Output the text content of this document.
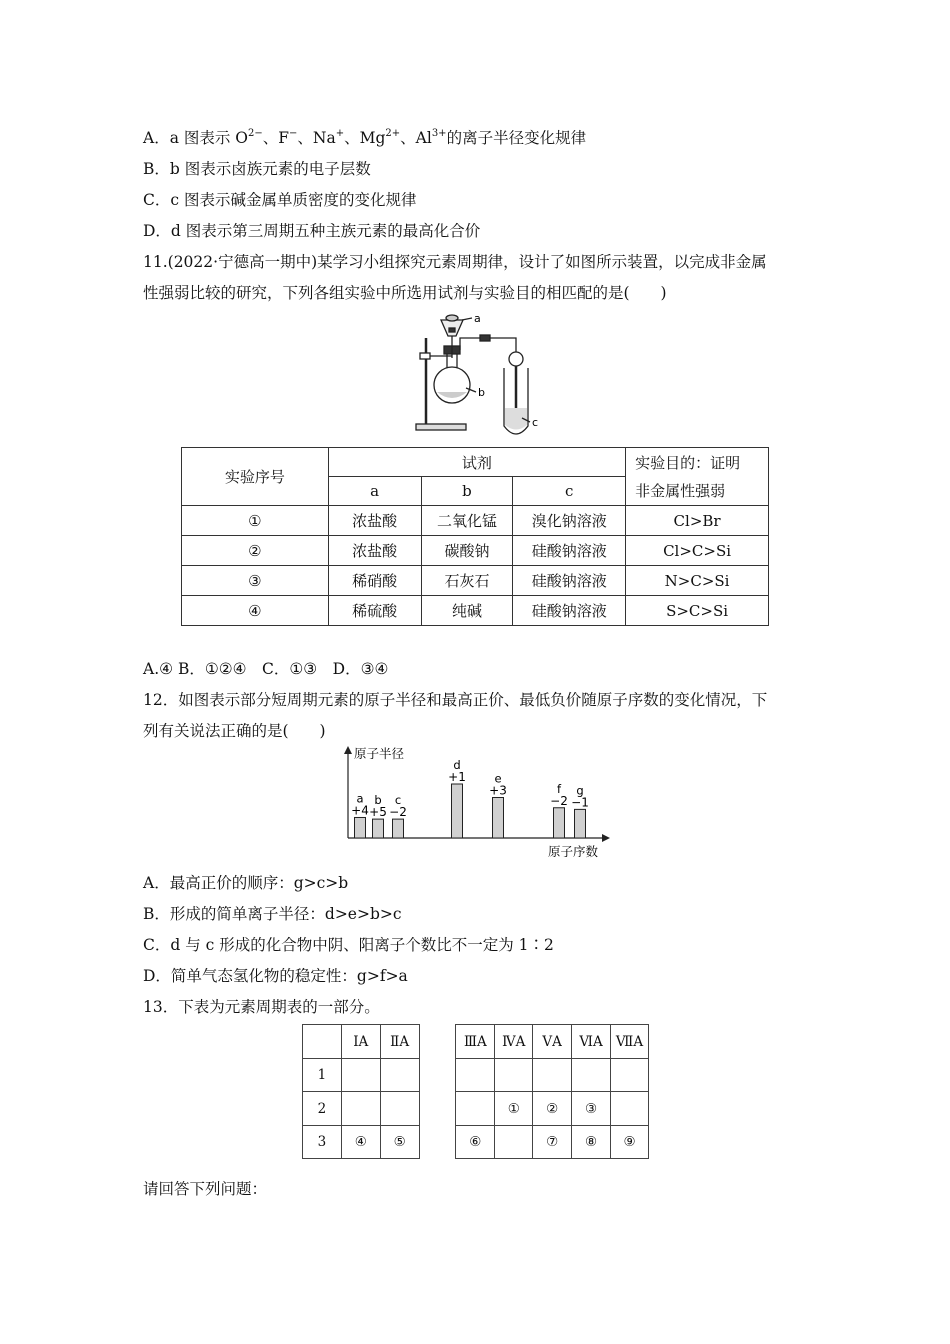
A．a 图表示 $O^{2-}$、F−、Na+、$Mg^{2+}$、$Al^{3+}$的离子半径变化规律
B．b 图表示卤族元素的电子层数
C．c 图表示碱金属单质密度的变化规律
D．d 图表示第三周期五种主族元素的最高化合价
11.(2022·宁德高一期中)某学习小组探究元素周期律，设计了如图所示装置，以完成非金属
性强弱比较的研究，下列各组实验中所选用试剂与实验目的相匹配的是(　　)
a
b
c
实验序号	试剂			实验目的：证明
非金属性强弱
	a	b	c	
①	浓盐酸	二氧化锰	溴化钠溶液	Cl>Br
②	浓盐酸	碳酸钠	硅酸钠溶液	Cl>C>Si
③	稀硝酸	石灰石	硅酸钠溶液	N>C>Si
④	稀硫酸	纯碱	硅酸钠溶液	S>C>Si
A.④ B．①②④　C．①③　D．③④
12．如图表示部分短周期元素的原子半径和最高正价、最低负价随原子序数的变化情况，下
列有关说法正确的是(　　)
原子半径
原子序数
+4
a
+5
b
−2
c
+1
d
+3
e
−2
f
−1
g
A．最高正价的顺序：g>c>b
B．形成的简单离子半径：d>e>b>c
C．d 与 c 形成的化合物中阴、阳离子个数比不一定为 1∶2
D．简单气态氢化物的稳定性：g>f>a
13．下表为元素周期表的一部分。
	ⅠA	ⅡA		ⅢA	ⅣA	ⅤA	ⅥA	ⅦA
1								
2					①	②	③	
3	④	⑤		⑥		⑦	⑧	⑨
请回答下列问题：
